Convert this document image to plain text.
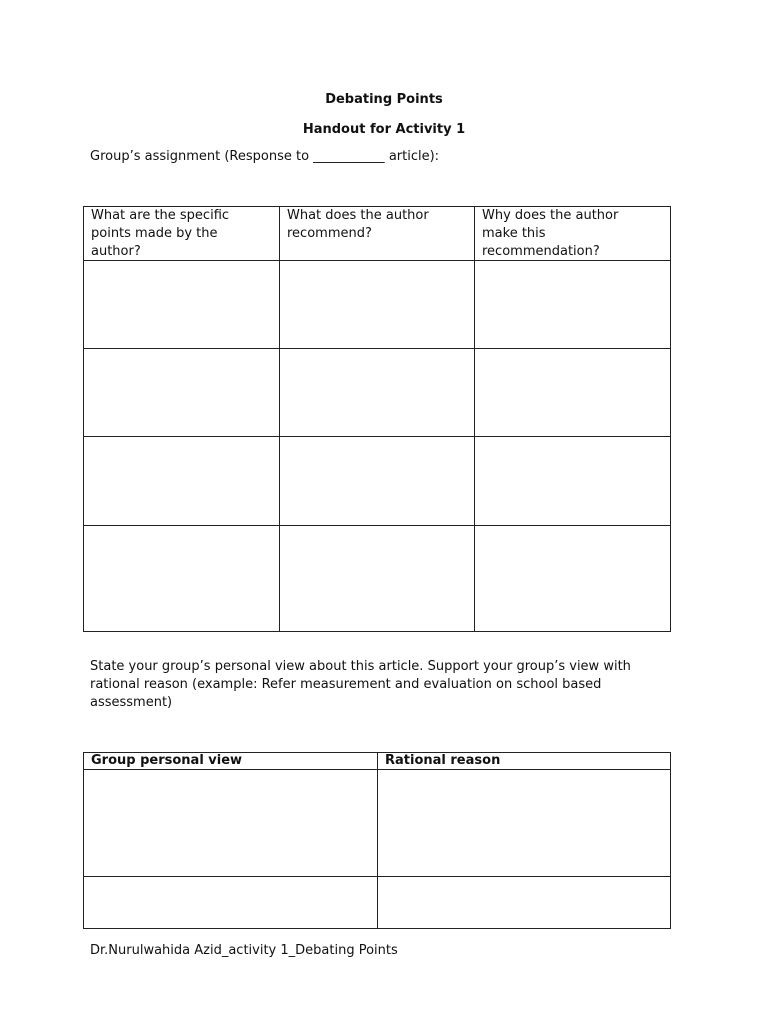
Debating Points
Handout for Activity 1
Group’s assignment (Response to ___________ article):
What are the specific points made by the author?
What does the author recommend?
Why does the author make this recommendation?
State your group’s personal view about this article. Support your group’s view with rational reason (example: Refer measurement and evaluation on school based assessment)
Group personal view	Rational reason
Dr.Nurulwahida Azid_activity 1_Debating Points
